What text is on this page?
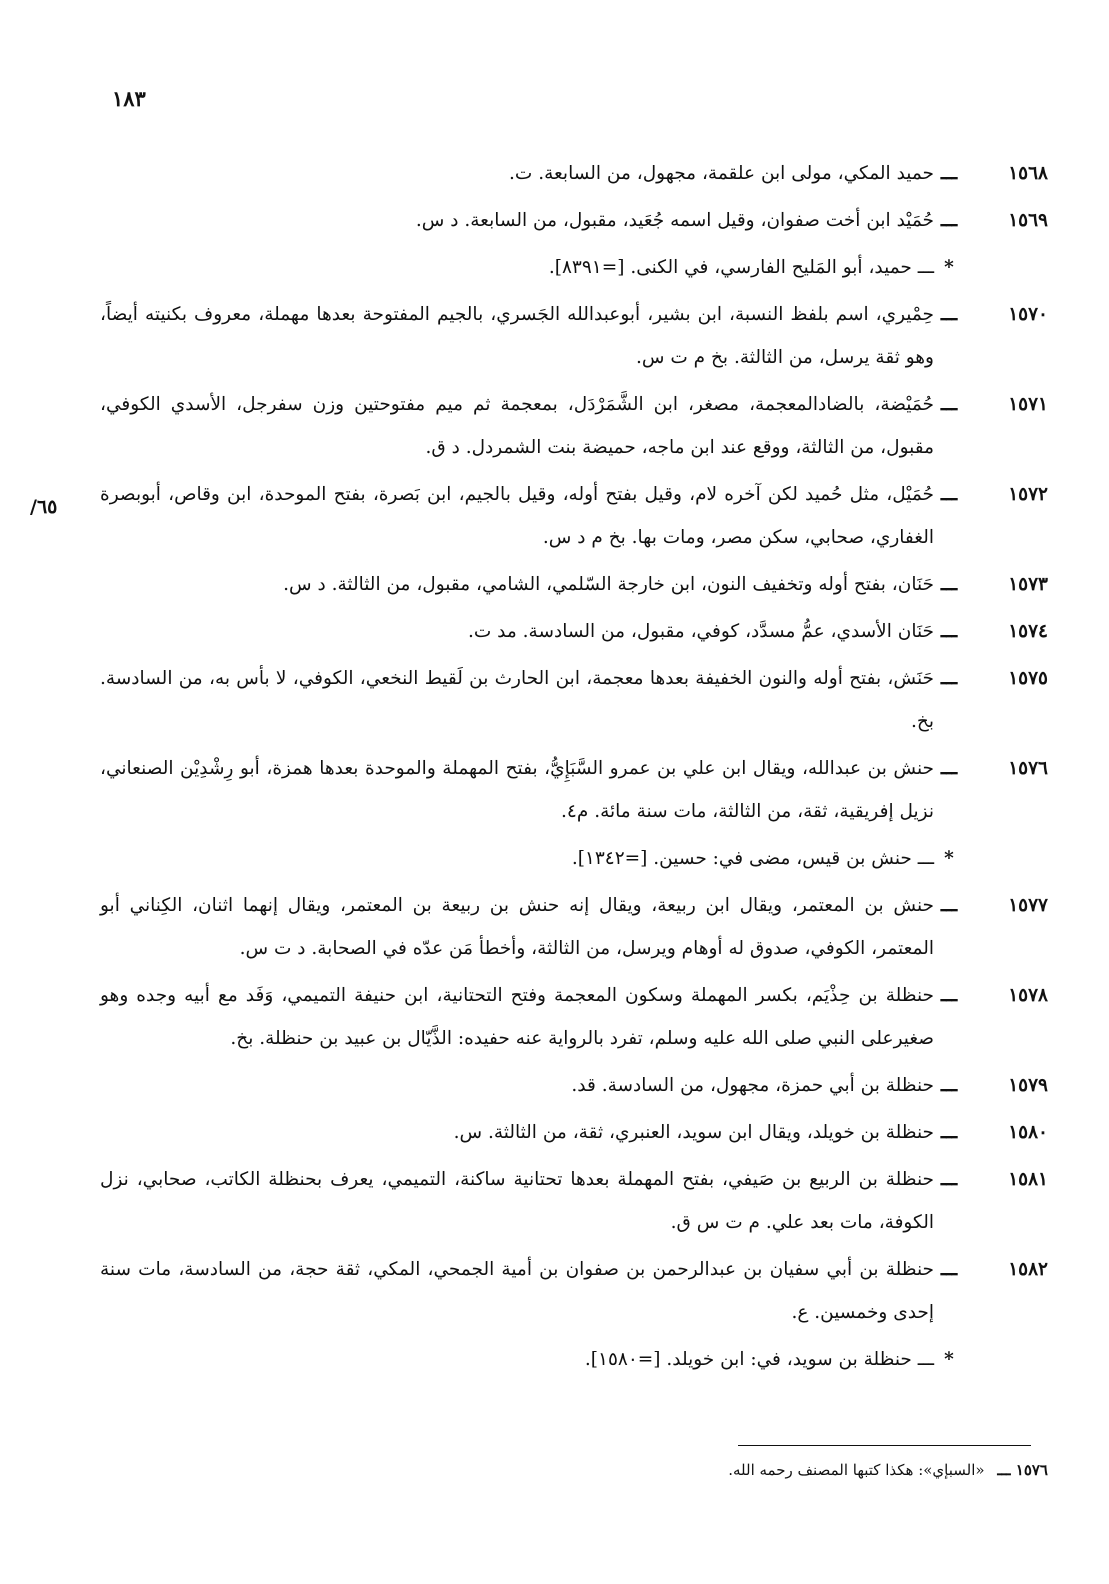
١٨٣
/٦٥
١٥٦٨
ـــ
حميد المكي، مولى ابن علقمة، مجهول، من السابعة. ت.
١٥٦٩
ـــ
حُمَيْد ابن أخت صفوان، وقيل اسمه جُعَيد، مقبول، من السابعة. د س.
*
ـــ حميد، أبو المَليح الفارسي، في الكنى. [=٨٣٩١].
١٥٧٠
ـــ
حِمْيري، اسم بلفظ النسبة، ابن بشير، أبوعبدالله الجَسري، بالجيم المفتوحة بعدها مهملة، معروف بكنيته أيضاً، وهو ثقة يرسل، من الثالثة. بخ م ت س.
١٥٧١
ـــ
حُمَيْضة، بالضادالمعجمة، مصغر، ابن الشَّمَرْدَل، بمعجمة ثم ميم مفتوحتين وزن سفرجل، الأسدي الكوفي، مقبول، من الثالثة، ووقع عند ابن ماجه، حميضة بنت الشمردل. د ق.
١٥٧٢
ـــ
حُمَيْل، مثل حُميد لكن آخره لام، وقيل بفتح أوله، وقيل بالجيم، ابن بَصرة، بفتح الموحدة، ابن وقاص، أبوبصرة الغفاري، صحابي، سكن مصر، ومات بها. بخ م د س.
١٥٧٣
ـــ
حَنَان، بفتح أوله وتخفيف النون، ابن خارجة السّلمي، الشامي، مقبول، من الثالثة. د س.
١٥٧٤
ـــ
حَنَان الأسدي، عمُّ مسدَّد، كوفي، مقبول، من السادسة. مد ت.
١٥٧٥
ـــ
حَنَش، بفتح أوله والنون الخفيفة بعدها معجمة، ابن الحارث بن لَقيط النخعي، الكوفي، لا بأس به، من السادسة. بخ.
١٥٧٦
ـــ
حنش بن عبدالله، ويقال ابن علي بن عمرو السَّبَإِيُّ، بفتح المهملة والموحدة بعدها همزة، أبو رِشْدِيْن الصنعاني، نزيل إفريقية، ثقة، من الثالثة، مات سنة مائة. م٤.
*
ـــ حنش بن قيس، مضى في: حسين. [=١٣٤٢].
١٥٧٧
ـــ
حنش بن المعتمر، ويقال ابن ربيعة، ويقال إنه حنش بن ربيعة بن المعتمر، ويقال إنهما اثنان، الكِناني أبو المعتمر، الكوفي، صدوق له أوهام ويرسل، من الثالثة، وأخطأ مَن عدّه في الصحابة. د ت س.
١٥٧٨
ـــ
حنظلة بن حِذْيَم، بكسر المهملة وسكون المعجمة وفتح التحتانية، ابن حنيفة التميمي، وَفَد مع أبيه وجده وهو صغيرعلى النبي صلى الله عليه وسلم، تفرد بالرواية عنه حفيده: الذَّيّال بن عبيد بن حنظلة. بخ.
١٥٧٩
ـــ
حنظلة بن أبي حمزة، مجهول، من السادسة. قد.
١٥٨٠
ـــ
حنظلة بن خويلد، ويقال ابن سويد، العنبري، ثقة، من الثالثة. س.
١٥٨١
ـــ
حنظلة بن الربيع بن صَيفي، بفتح المهملة بعدها تحتانية ساكنة، التميمي، يعرف بحنظلة الكاتب، صحابي، نزل الكوفة، مات بعد علي. م ت س ق.
١٥٨٢
ـــ
حنظلة بن أبي سفيان بن عبدالرحمن بن صفوان بن أمية الجمحي، المكي، ثقة حجة، من السادسة، مات سنة إحدى وخمسين. ع.
*
ـــ حنظلة بن سويد، في: ابن خويلد. [=١٥٨٠].
١٥٧٦ ـــ «السبإي»: هكذا كتبها المصنف رحمه الله.
